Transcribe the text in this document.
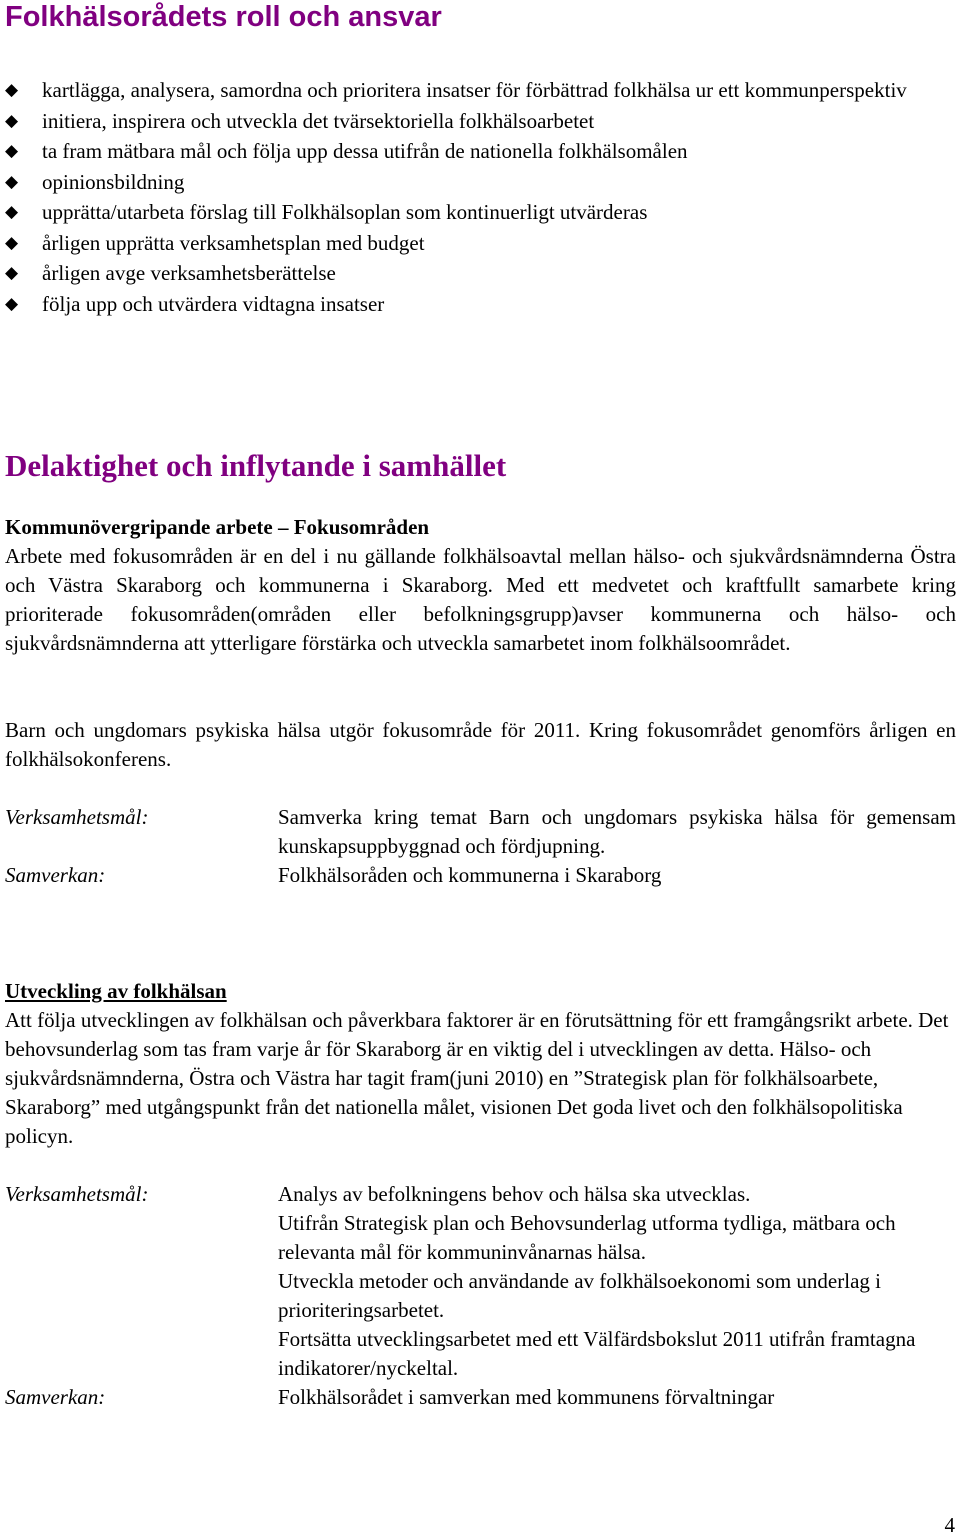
Folkhälsorådets roll och ansvar
◆ kartlägga, analysera, samordna och prioritera insatser för förbättrad folkhälsa ur ett kommunperspektiv
◆ initiera, inspirera och utveckla det tvärsektoriella folkhälsoarbetet
◆ ta fram mätbara mål och följa upp dessa utifrån de nationella folkhälsomålen
◆ opinionsbildning
◆ upprätta/utarbeta förslag till Folkhälsoplan som kontinuerligt utvärderas
◆ årligen upprätta verksamhetsplan med budget
◆ årligen avge verksamhetsberättelse
◆ följa upp och utvärdera vidtagna insatser
Delaktighet och inflytande i samhället

Kommunövergripande arbete – Fokusområden

Arbete med fokusområden är en del i nu gällande folkhälsoavtal mellan hälso- och sjukvårdsnämnderna Östra och Västra Skaraborg och kommunerna i Skaraborg. Med ett medvetet och kraftfullt samarbete kring prioriterade fokusområden(områden eller befolkningsgrupp)avser kommunerna och hälso- och sjukvårdsnämnderna att ytterligare förstärka och utveckla samarbetet inom folkhälsoområdet.

Barn och ungdomars psykiska hälsa utgör fokusområde för 2011. Kring fokusområdet genomförs årligen en folkhälsokonferens.

Verksamhetsmål:	Samverka kring temat Barn och ungdomars psykiska hälsa för gemensam kunskapsuppbyggnad och fördjupning.

Samverkan:	Folkhälsoråden och kommunerna i Skaraborg

Utveckling av folkhälsan

Att följa utvecklingen av folkhälsan och påverkbara faktorer är en förutsättning för ett framgångsrikt arbete. Det behovsunderlag som tas fram varje år för Skaraborg är en viktig del i utvecklingen av detta. Hälso- och sjukvårdsnämnderna, Östra och Västra har tagit fram(juni 2010) en ”Strategisk plan för folkhälsoarbete, Skaraborg” med utgångspunkt från det nationella målet, visionen Det goda livet och den folkhälsopolitiska policyn.

Verksamhetsmål:	Analys av befolkningens behov och hälsa ska utvecklas.

Utifrån Strategisk plan och Behovsunderlag utforma tydliga, mätbara och relevanta mål för kommuninvånarnas hälsa.

Utveckla metoder och användande av folkhälsoekonomi som underlag i prioriteringsarbetet.

Fortsätta utvecklingsarbetet med ett Välfärdsbokslut 2011 utifrån framtagna indikatorer/nyckeltal.

Samverkan:	Folkhälsorådet i samverkan med kommunens förvaltningar

4
